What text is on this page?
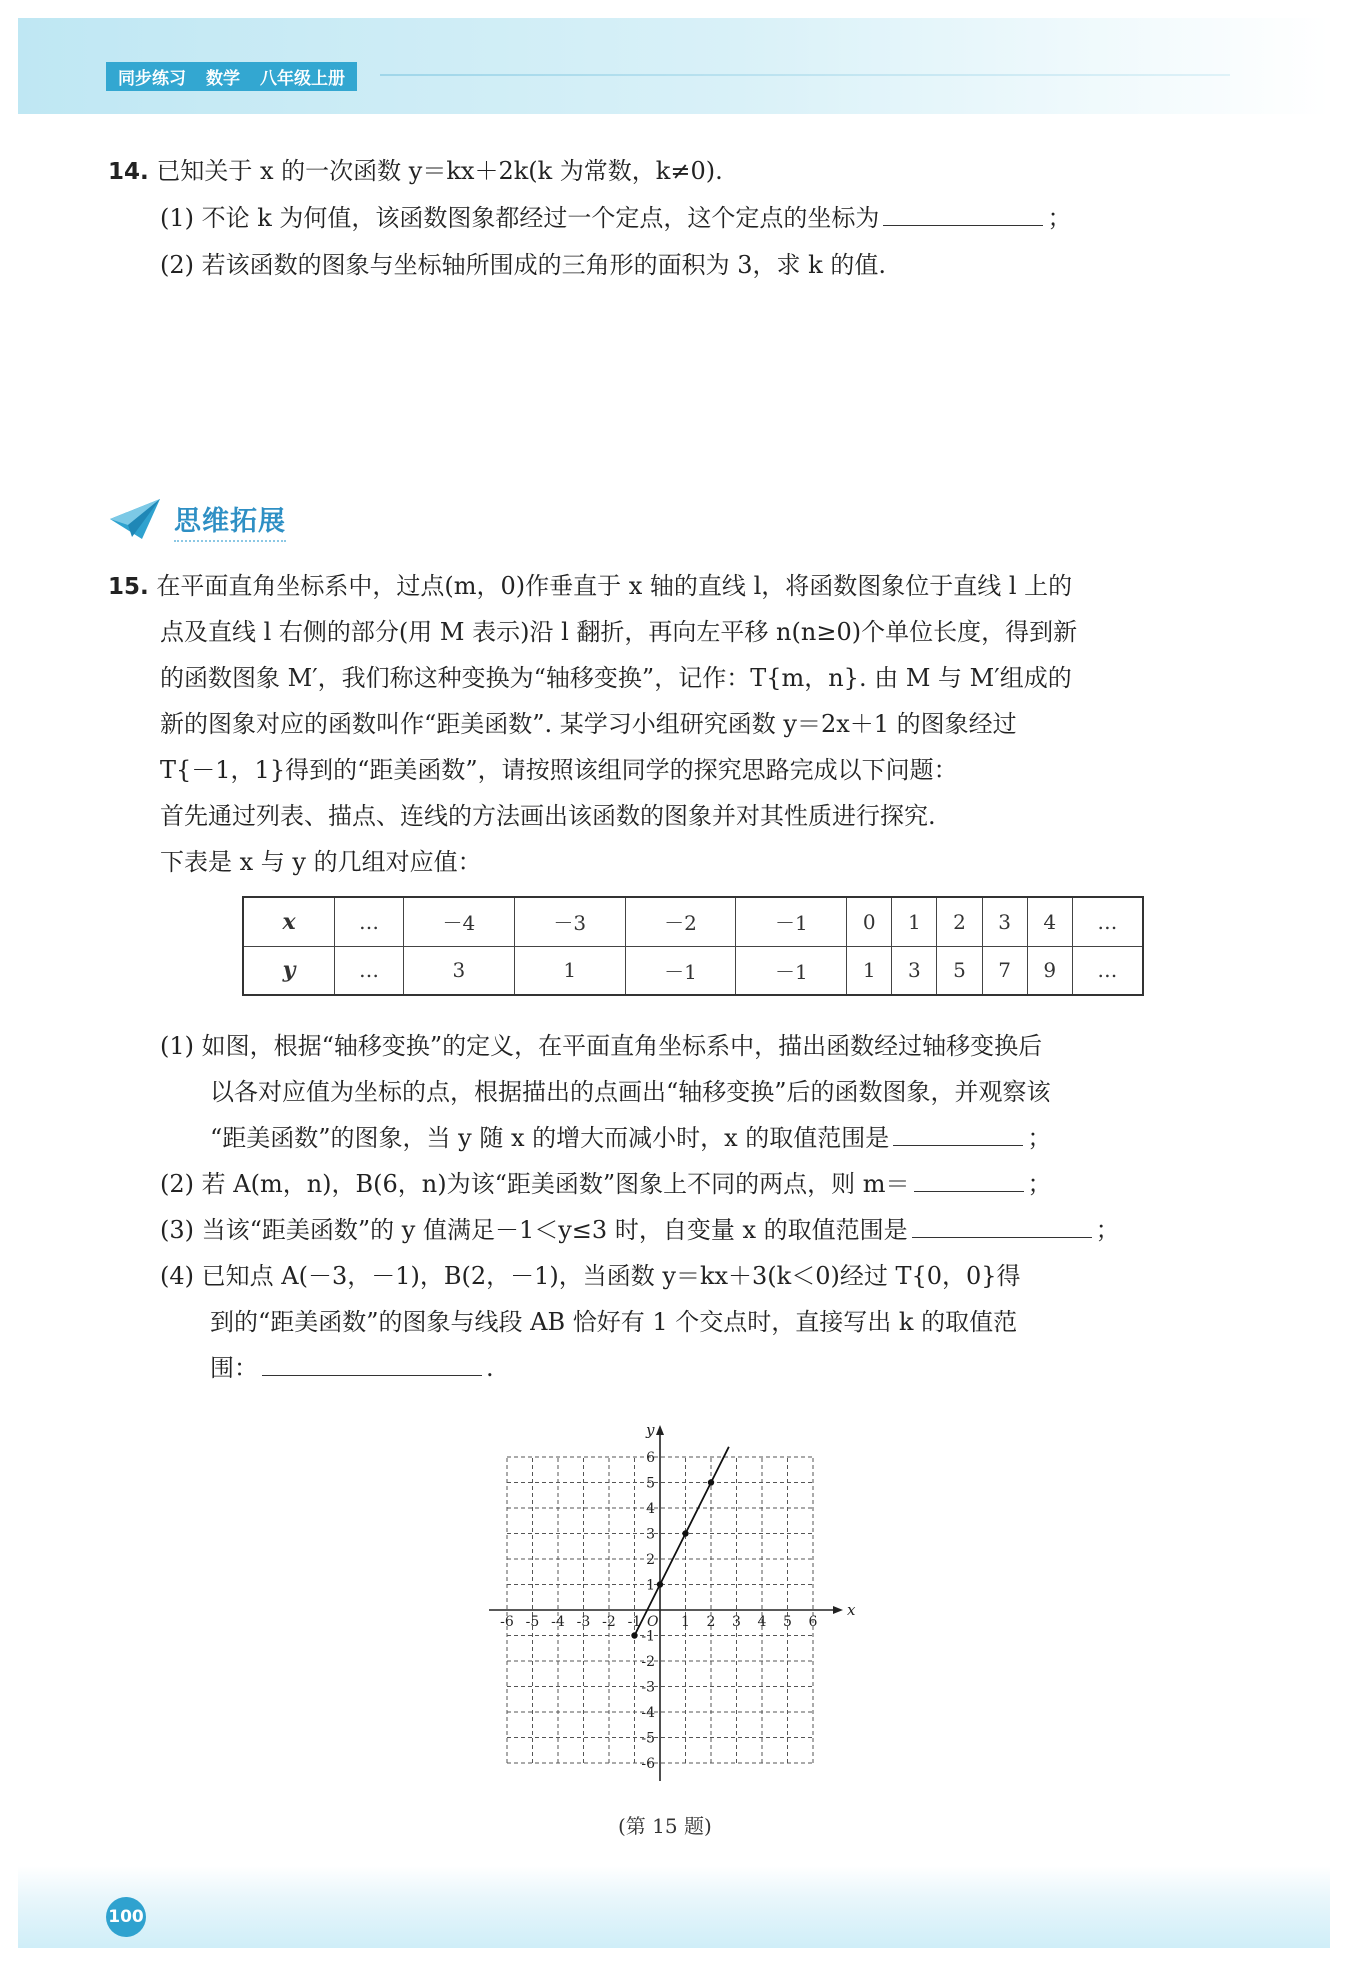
同步练习 数学 八年级上册
14. 已知关于 x 的一次函数 y＝kx＋2k(k 为常数，k≠0).
(1) 不论 k 为何值，该函数图象都经过一个定点，这个定点的坐标为	；
(2) 若该函数的图象与坐标轴所围成的三角形的面积为 3，求 k 的值.
思维拓展
15. 在平面直角坐标系中，过点(m，0)作垂直于 x 轴的直线 l，将函数图象位于直线 l 上的
点及直线 l 右侧的部分(用 M 表示)沿 l 翻折，再向左平移 n(n≥0)个单位长度，得到新
的函数图象 M′，我们称这种变换为“轴移变换”，记作：T{m，n}. 由 M 与 M′组成的
新的图象对应的函数叫作“距美函数”. 某学习小组研究函数 y＝2x＋1 的图象经过
T{－1，1}得到的“距美函数”，请按照该组同学的探究思路完成以下问题：
首先通过列表、描点、连线的方法画出该函数的图象并对其性质进行探究.
下表是 x 与 y 的几组对应值：
x	…	－4	－3	－2	－1	0	1	2	3	4	…
y	…	3	1	－1	－1	1	3	5	7	9	…
(1) 如图，根据“轴移变换”的定义，在平面直角坐标系中，描出函数经过轴移变换后
以各对应值为坐标的点，根据描出的点画出“轴移变换”后的函数图象，并观察该
“距美函数”的图象，当 y 随 x 的增大而减小时，x 的取值范围是	；
(2) 若 A(m，n)，B(6，n)为该“距美函数”图象上不同的两点，则 m＝	；
(3) 当该“距美函数”的 y 值满足－1＜y≤3 时，自变量 x 的取值范围是	；
(4) 已知点 A(－3，－1)，B(2，－1)，当函数 y＝kx＋3(k＜0)经过 T{0，0}得
到的“距美函数”的图象与线段 AB 恰好有 1 个交点时，直接写出 k 的取值范
围：	.
x
y
O
-6 -5 -4 -3 -2 -1	1 2 3 4 5 6
6
5
4
3
2
1
-1
-2
-3
-4
-5
-6
(第 15 题)
100
